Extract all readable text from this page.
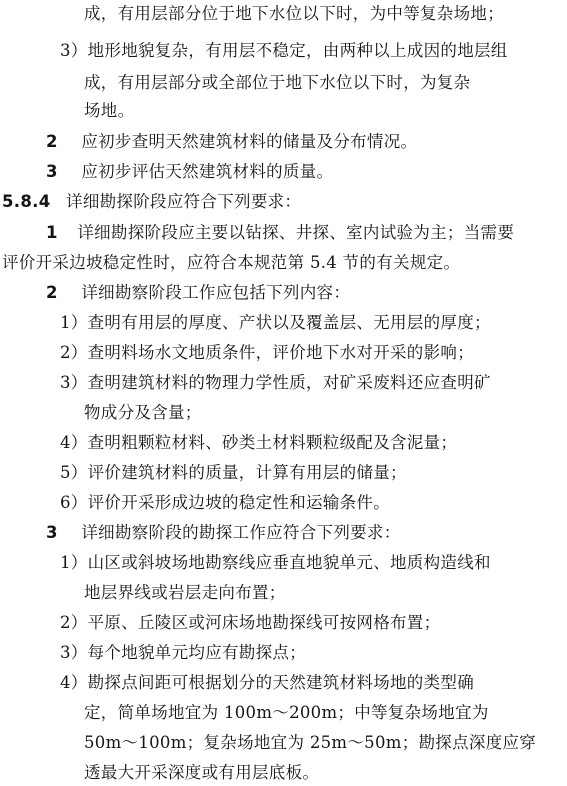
成，有用层部分位于地下水位以下时，为中等复杂场地；
3）地形地貌复杂，有用层不稳定，由两种以上成因的地层组
成，有用层部分或全部位于地下水位以下时，为复杂
场地。
2 应初步查明天然建筑材料的储量及分布情况。
3 应初步评估天然建筑材料的质量。
5.8.4 详细勘探阶段应符合下列要求：
1 详细勘探阶段应主要以钻探、井探、室内试验为主；当需要
评价开采边坡稳定性时，应符合本规范第 5.4 节的有关规定。
2 详细勘察阶段工作应包括下列内容：
1）查明有用层的厚度、产状以及覆盖层、无用层的厚度；
2）查明料场水文地质条件，评价地下水对开采的影响；
3）查明建筑材料的物理力学性质，对矿采废料还应查明矿
物成分及含量；
4）查明粗颗粒材料、砂类土材料颗粒级配及含泥量；
5）评价建筑材料的质量，计算有用层的储量；
6）评价开采形成边坡的稳定性和运输条件。
3 详细勘察阶段的勘探工作应符合下列要求：
1）山区或斜坡场地勘察线应垂直地貌单元、地质构造线和
地层界线或岩层走向布置；
2）平原、丘陵区或河床场地勘探线可按网格布置；
3）每个地貌单元均应有勘探点；
4）勘探点间距可根据划分的天然建筑材料场地的类型确
定，简单场地宜为 100m～200m；中等复杂场地宜为
50m～100m；复杂场地宜为 25m～50m；勘探点深度应穿
透最大开采深度或有用层底板。
